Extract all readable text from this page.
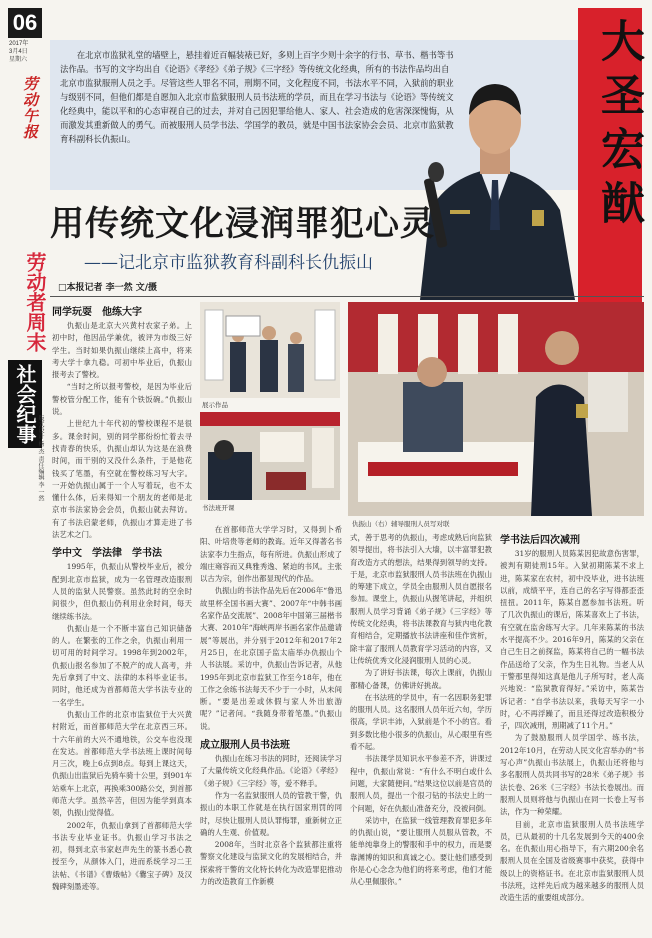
06
2017年
3月4日
星期六
劳动午报
劳动者周末
社会纪事
版式设计 杨 杰 责任编辑 李 一然
在北京市监狱礼堂的墙壁上，悬挂着近百幅装裱已好，多则上百字少则十余字的行书、草书、楷书等书法作品。书写的文字均出自《论语》《孝经》《弟子规》《三字经》等传统文化经典，所有的书法作品均出自北京市监狱服刑人员之手。尽管这些人罪名不同，刑期不同，文化程度不同，书法水平不同，入狱前的职业与级别不同，但他们都是自愿加入北京市监狱服刑人员书法班的学员，而且在学习书法与《论语》等传统文化经典中，能以平和的心态审视自己的过去，并对自己因犯罪给他人、家人、社会造成的危害深深愧悔，从而激发其重新做人的勇气。而被服刑人员学书法、学国学的教员，就是中国书法家协会会员、北京市监狱教育科副科长仇振山。	大圣宏猷
用传统文化浸润罪犯心灵
——记北京市监狱教育科副科长仇振山
□本报记者 李一然 文/摄
同学玩耍　他练大字

仇振山是北京大兴黄村农家子弟。上初中时，他因品学兼优，被评为市级三好学生。当时如果仇振山继续上高中，将来考大学十拿九稳。可初中毕业后，仇振山报考去了警校。

“当时之所以报考警校，是因为毕业后警校管分配工作，能有个铁饭碗。”仇振山说。

上世纪九十年代初的警校课程不是很多。课余时间，别的同学都纷纷忙着去寻找青春的快乐，仇振山却认为这是在浪费时间，而干别的又没什么条件，于是他花钱买了笔墨，有空就在警校练习写大字。一开始仇振山属于一个人写着玩，也不太懂什么体，后来得知一个朋友的老师是北京市书法家协会会员，仇振山就去拜访。有了书法启蒙老师，仇振山才算走进了书法艺术之门。

学中文　学法律　学书法

1995年，仇振山从警校毕业后，被分配到北京市监狱，成为一名管理改造服刑人员的监狱人民警察。虽然此时的空余时间很少，但仇振山仍利用业余时间，每天继续练书法。

仇振山是一个不断丰富自己知识储备的人。在繁张的工作之余，仇振山利用一切可用的时间学习。1998年到2002年，仇振山报名参加了不脱产的成人高考，并先后拿到了中文、法律的本科毕业证书。同时，他还成为首都师范大学书法专业的一名学生。

仇振山工作的北京市监狱位于大兴黄村附近，而首都师范大学在北京西三环。十六年前的大兴不通地铁，公交车也没现在发达。首都师范大学书法班上课时间每月三次，晚上6点到8点。每到上课这天，仇振山出监狱后先骑车骑十公里，到901车站乘车上北京，再换乘300路公交，到首都师范大学。虽然辛苦，但因为能学到真本领，仇振山觉得值。

2002年，仇振山拿到了首都师范大学书法专业毕业证书。仇振山学习书法之初，得到北京书家赵声先生的篆书悉心教授至今，从颜体入门，进而系统学习二王法帖、《书谱》《曹娥帖》《爨宝子碑》及汉魏碑刻墨迹等。

展示作品
书法班开课
仇振山（右）辅导服刑人员写对联

在首都师范大学学习时，又得到卜希阳、叶培贵等老师的教诲。近年又得著名书法家李力生指点，每有所进。仇振山形成了端庄雍容而又典雅秀逸、紧迫的书风。主张以古为宗，创作出都显现代的作品。

仇振山的书法作品先后在2006年“鲁迅故里杯全国书画大赛”、2007年“中韩书画名家作品交流展”、2008年中国第三届楷书大赛、2010年“海峡两岸书画名家作品邀请展”等展出，并分别于2012年和2017年2月25日，在北京国子监太庙举办仇振山个人书法展。采访中，仇振山告诉记者，从他1995年到北京市监狱工作至今18年，他在工作之余练书法每天不少于一小时，从未间断。“要是出差或休假与家人外出旅游呢？”记者问。“我随身带着笔墨。”仇振山说。

成立服刑人员书法班

仇振山在练习书法的同时，还阅读学习了大量传统文化经典作品。《论语》《孝经》《弟子规》《三字经》等，爱不释手。

作为一名监狱服刑人员的管教干警，仇振山的本职工作就是在执行国家刑罚的同时，尽快让服刑人员认罪悔罪，重新树立正确的人生观、价值观。

2008年，当时北京各个监狱都注重将警察文化建设与监狱文化的发展相结合，并探索将干警的文化特长转化为改造罪犯推动力的改造教育工作新模

式，善于思考的仇振山，考虑成熟后向监狱领导提出，将书法引入大墙，以丰富罪犯教育改造方式的想法，结果得到领导的支持。于是，北京市监狱服刑人员书法班在仇振山的筹建下成立，学员全由服刑人员自愿报名参加。课堂上，仇振山从握笔讲起，并组织服刑人员学习背诵《弟子规》《三字经》等传统文化经典，将书法课教育与狱内电化教育相结合，定期播放书法讲座和佳作赏析，除丰富了服刑人员教育学习活动的内容，又让传统优秀文化浸润服刑人员的心灵。

为了讲好书法课，每次上课前，仇振山都精心备课，仿佛讲好挑战。

在书法班的学员中，有一名因职务犯罪的服刑人员。这名服刑人员年近六旬，学历很高，学识丰沛，入狱前是个不小的官。看到多数比他小很多的仇振山，从心眼里有些看不起。

书法课学员知识水平参差不齐，讲课过程中，仇振山常说：“有什么不明白或什么问题，大家随便问。”结果这位以前是官员的服刑人员，提出一个很刁钻的书法史上的一个问题，好在仇振山准备充分，没被问倒。

采访中，在监狱一线管理教育罪犯多年的仇振山说，“要让服刑人员服从管教，不能单纯靠身上的警服和手中的权力，而是要靠渊博的知识和真诚之心。要让他们感受到你是心心念念为他们的将来考虑，他们才能从心里佩服你。”

学书法后四次减刑

31岁的服刑人员陈某因犯故意伤害罪，被判有期徒刑15年。入狱初期陈某不求上进，陈某家在农村，初中没毕业，进书法班以前，成绩平平，连自己的名字写得都歪歪扭扭。2011年，陈某自愿参加书法班。听了几次仇振山的课后，陈某喜欢上了书法，有空就在监舍练写大字。几年来陈某的书法水平提高不少。2016年9月，陈某的父亲在自己生日之前探监，陈某将自己的一幅书法作品送给了父亲，作为生日礼物。当老人从干警那里得知这真是他儿子所写时，老人高兴地说：“监狱教育得好。”采访中，陈某告诉记者：“自学书法以来，我每天写字一小时，心不再浮躁了，而且还得过改造积极分子，四次减刑，刑期减了11个月。”

为了鼓励服刑人员学国学、练书法，2012年10月，在劳动人民文化宫举办的“书写心声”仇振山书法展上，仇振山还将他与多名服刑人员共同书写的28米《弟子规》书法长卷、26米《三字经》书法长卷展出。而服刑人员则将他与仇振山在同一长卷上写书法，作为一种荣耀。

目前，北京市监狱服刑人员书法班学员，已从最初的十几名发展到今天的400余名。在仇振山用心指导下，有六期200余名服刑人员在全国及省级赛事中获奖，获得中级以上的资格证书。在北京市监狱服刑人员书法班，这样先后成为越来越多的服刑人员改造生活的重要组成部分。
